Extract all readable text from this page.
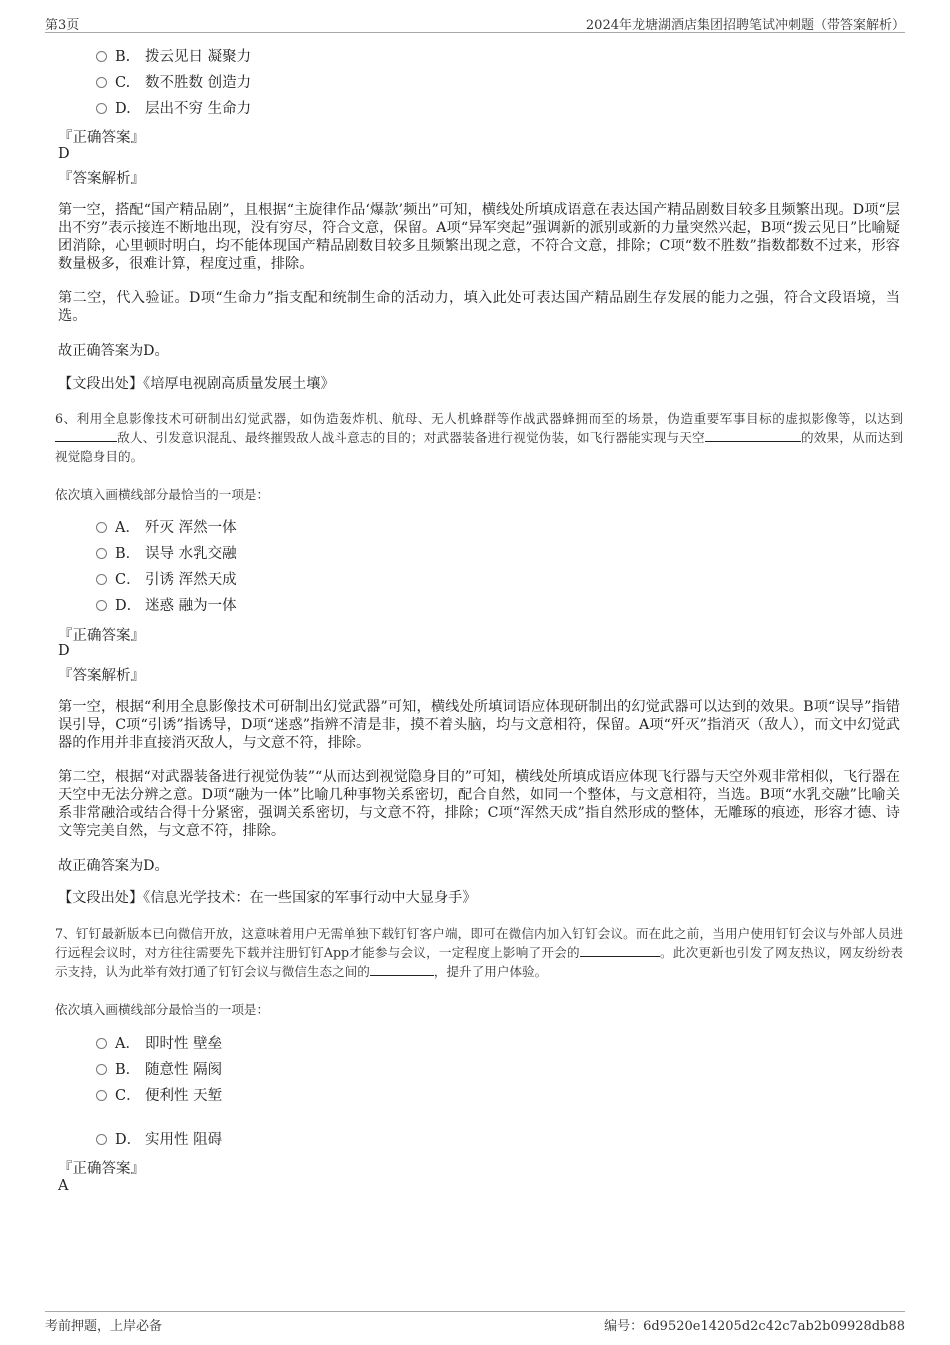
第3页	2024年龙塘湖酒店集团招聘笔试冲刺题（带答案解析）
B. 拨云见日 凝聚力
C. 数不胜数 创造力
D. 层出不穷 生命力
『正确答案』
D
『答案解析』
第一空，搭配“国产精品剧”，且根据“主旋律作品‘爆款’频出”可知，横线处所填成语意在表达国产精品剧数目较多且频繁出现。D项“层出不穷”表示接连不断地出现，没有穷尽，符合文意，保留。A项“异军突起”强调新的派别或新的力量突然兴起，B项“拨云见日”比喻疑团消除，心里顿时明白，均不能体现国产精品剧数目较多且频繁出现之意，不符合文意，排除；C项“数不胜数”指数都数不过来，形容数量极多，很难计算，程度过重，排除。
第二空，代入验证。D项“生命力”指支配和统制生命的活动力，填入此处可表达国产精品剧生存发展的能力之强，符合文段语境，当选。
故正确答案为D。
【文段出处】《培厚电视剧高质量发展土壤》
6、利用全息影像技术可研制出幻觉武器，如伪造轰炸机、航母、无人机蜂群等作战武器蜂拥而至的场景，伪造重要军事目标的虚拟影像等，以达到敌人、引发意识混乱、最终摧毁敌人战斗意志的目的；对武器装备进行视觉伪装，如飞行器能实现与天空	的效果，从而达到视觉隐身目的。
依次填入画横线部分最恰当的一项是：
A． 歼灭 浑然一体
B． 误导 水乳交融
C． 引诱 浑然天成
D． 迷惑 融为一体
『正确答案』
D
『答案解析』
第一空，根据“利用全息影像技术可研制出幻觉武器”可知，横线处所填词语应体现研制出的幻觉武器可以达到的效果。B项“误导”指错误引导，C项“引诱”指诱导，D项“迷惑”指辨不清是非，摸不着头脑，均与文意相符，保留。A项“歼灭”指消灭（敌人），而文中幻觉武器的作用并非直接消灭敌人，与文意不符，排除。
第二空，根据“对武器装备进行视觉伪装”“从而达到视觉隐身目的”可知，横线处所填成语应体现飞行器与天空外观非常相似，飞行器在天空中无法分辨之意。D项“融为一体”比喻几种事物关系密切，配合自然，如同一个整体，与文意相符，当选。B项“水乳交融”比喻关系非常融洽或结合得十分紧密，强调关系密切，与文意不符，排除；C项“浑然天成”指自然形成的整体，无雕琢的痕迹，形容才德、诗文等完美自然，与文意不符，排除。
故正确答案为D。
【文段出处】《信息光学技术：在一些国家的军事行动中大显身手》
7、钉钉最新版本已向微信开放，这意味着用户无需单独下载钉钉客户端，即可在微信内加入钉钉会议。而在此之前，当用户使用钉钉会议与外部人员进行远程会议时，对方往往需要先下载并注册钉钉App才能参与会议，一定程度上影响了开会的	。此次更新也引发了网友热议，网友纷纷表示支持，认为此举有效打通了钉钉会议与微信生态之间的	，提升了用户体验。
依次填入画横线部分最恰当的一项是：
A． 即时性 壁垒
B． 随意性 隔阂
C． 便利性 天堑
D． 实用性 阻碍
『正确答案』
A
考前押题，上岸必备	编号：6d9520e14205d2c42c7ab2b09928db88
